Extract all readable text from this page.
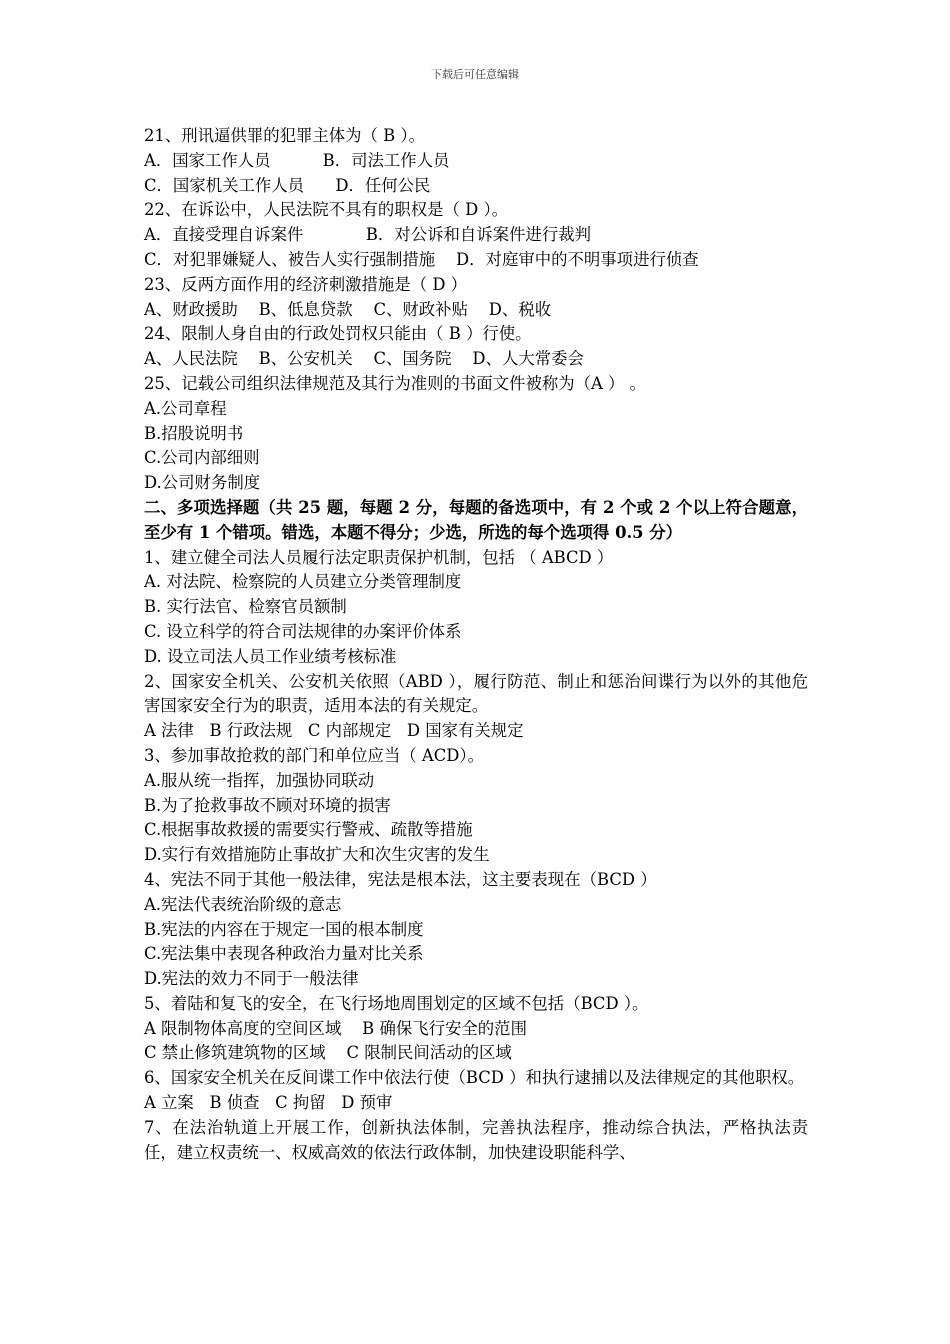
下载后可任意编辑
21、刑讯逼供罪的犯罪主体为（ B ）。
A．国家工作人员          B．司法工作人员
C．国家机关工作人员      D．任何公民
22、在诉讼中，人民法院不具有的职权是（ D ）。
A．直接受理自诉案件            B．对公诉和自诉案件进行裁判
C．对犯罪嫌疑人、被告人实行强制措施    D．对庭审中的不明事项进行侦查
23、反两方面作用的经济刺激措施是（ D ）
A、财政援助    B、低息贷款    C、财政补贴    D、税收
24、限制人身自由的行政处罚权只能由（ B ）行使。
A、人民法院    B、公安机关    C、国务院    D、人大常委会
25、记载公司组织法律规范及其行为准则的书面文件被称为（A ） 。
A.公司章程
B.招股说明书
C.公司内部细则
D.公司财务制度
二、多项选择题（共 25 题，每题 2 分，每题的备选项中，有 2 个或 2 个以上符合题意，至少有 1 个错项。错选，本题不得分；少选，所选的每个选项得 0.5 分）
1、建立健全司法人员履行法定职责保护机制，包括 （ ABCD ）
A. 对法院、检察院的人员建立分类管理制度
B. 实行法官、检察官员额制
C. 设立科学的符合司法规律的办案评价体系
D. 设立司法人员工作业绩考核标准
2、国家安全机关、公安机关依照（ABD ），履行防范、制止和惩治间谍行为以外的其他危害国家安全行为的职责，适用本法的有关规定。
A 法律   B 行政法规   C 内部规定   D 国家有关规定
3、参加事故抢救的部门和单位应当（ ACD）。
A.服从统一指挥，加强协同联动
B.为了抢救事故不顾对环境的损害
C.根据事故救援的需要实行警戒、疏散等措施
D.实行有效措施防止事故扩大和次生灾害的发生
4、宪法不同于其他一般法律，宪法是根本法，这主要表现在（BCD ）
A.宪法代表统治阶级的意志
B.宪法的内容在于规定一国的根本制度
C.宪法集中表现各种政治力量对比关系
D.宪法的效力不同于一般法律
5、着陆和复飞的安全，在飞行场地周围划定的区域不包括（BCD ）。
A 限制物体高度的空间区域    B 确保飞行安全的范围
C 禁止修筑建筑物的区域    C 限制民间活动的区域
6、国家安全机关在反间谍工作中依法行使（BCD ）和执行逮捕以及法律规定的其他职权。
A 立案   B 侦查   C 拘留   D 预审
7、在法治轨道上开展工作，创新执法体制，完善执法程序，推动综合执法，严格执法责任，建立权责统一、权威高效的依法行政体制，加快建设职能科学、
